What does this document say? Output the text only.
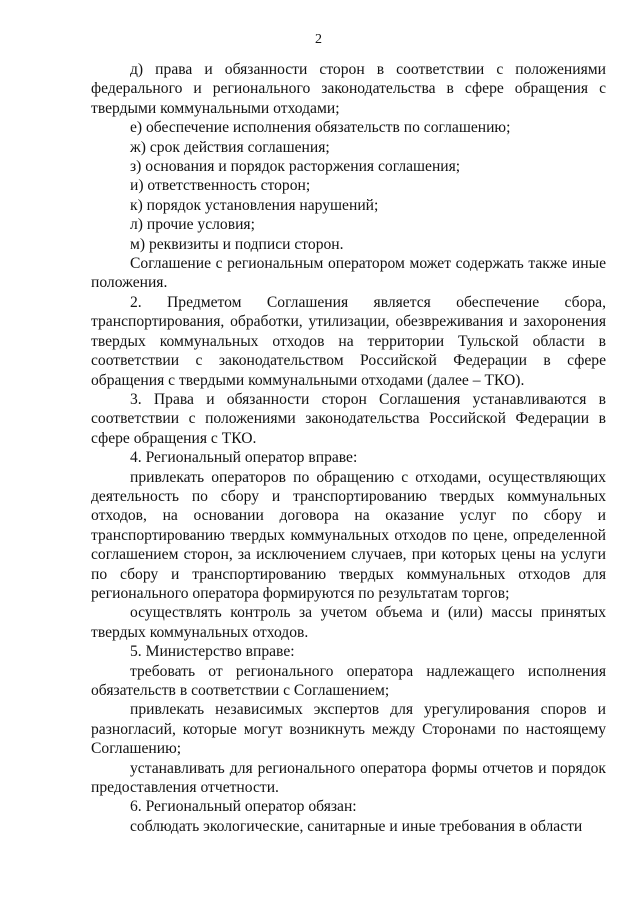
2

д) права и обязанности сторон в соответствии с положениями федерального и регионального законодательства в сфере обращения с твердыми коммунальными отходами;

е) обеспечение исполнения обязательств по соглашению;

ж) срок действия соглашения;

з) основания и порядок расторжения соглашения;

и) ответственность сторон;

к) порядок установления нарушений;

л) прочие условия;

м) реквизиты и подписи сторон.

Соглашение с региональным оператором может содержать также иные положения.

2. Предметом Соглашения является обеспечение сбора, транспортирования, обработки, утилизации, обезвреживания и захоронения твердых коммунальных отходов на территории Тульской области в соответствии с законодательством Российской Федерации в сфере обращения с твердыми коммунальными отходами (далее – ТКО).

3. Права и обязанности сторон Соглашения устанавливаются в соответствии с положениями законодательства Российской Федерации в сфере обращения с ТКО.

4. Региональный оператор вправе:

привлекать операторов по обращению с отходами, осуществляющих деятельность по сбору и транспортированию твердых коммунальных отходов, на основании договора на оказание услуг по сбору и транспортированию твердых коммунальных отходов по цене, определенной соглашением сторон, за исключением случаев, при которых цены на услуги по сбору и транспортированию твердых коммунальных отходов для регионального оператора формируются по результатам торгов;

осуществлять контроль за учетом объема и (или) массы принятых твердых коммунальных отходов.

5. Министерство вправе:

требовать от регионального оператора надлежащего исполнения обязательств в соответствии с Соглашением;

привлекать независимых экспертов для урегулирования споров и разногласий, которые могут возникнуть между Сторонами по настоящему Соглашению;

устанавливать для регионального оператора формы отчетов и порядок предоставления отчетности.

6. Региональный оператор обязан:

соблюдать экологические, санитарные и иные требования в области
